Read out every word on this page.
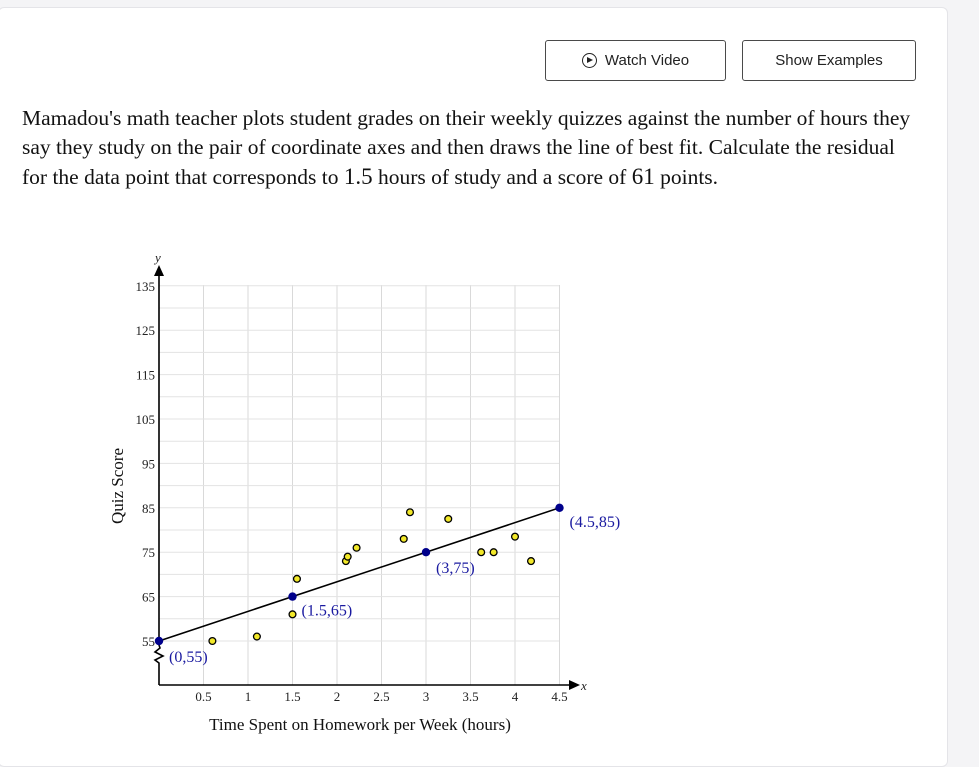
Watch Video	Show Examples
Mamadou's math teacher plots student grades on their weekly quizzes against the number of hours they say they study on the pair of coordinate axes and then draws the line of best fit. Calculate the residual for the data point that corresponds to 1.5 hours of study and a score of 61 points.
0.5	1	1.5	2	2.5	3	3.5	4	4.5
55
65
75
85
95
105
115
125
135
(0,55)
(1.5,65)
(3,75)
(4.5,85)
Time Spent on Homework per Week (hours)
Quiz Score
x
y
